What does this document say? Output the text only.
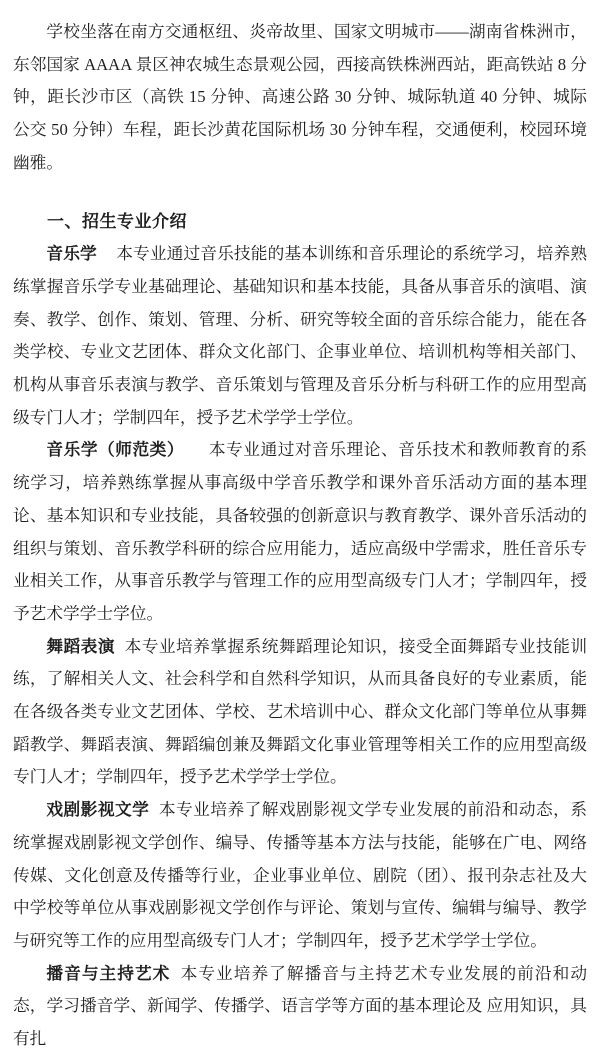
学校坐落在南方交通枢纽、炎帝故里、国家文明城市——湖南省株洲市，东邻国家 AAAA 景区神农城生态景观公园，西接高铁株洲西站，距高铁站 8 分钟，距长沙市区（高铁 15 分钟、高速公路 30 分钟、城际轨道 40 分钟、城际公交 50 分钟）车程，距长沙黄花国际机场 30 分钟车程，交通便利，校园环境幽雅。

一、招生专业介绍

音乐学 本专业通过音乐技能的基本训练和音乐理论的系统学习，培养熟练掌握音乐学专业基础理论、基础知识和基本技能，具备从事音乐的演唱、演奏、教学、创作、策划、管理、分析、研究等较全面的音乐综合能力，能在各类学校、专业文艺团体、群众文化部门、企事业单位、培训机构等相关部门、机构从事音乐表演与教学、音乐策划与管理及音乐分析与科研工作的应用型高级专门人才；学制四年，授予艺术学学士学位。

音乐学（师范类） 本专业通过对音乐理论、音乐技术和教师教育的系统学习，培养熟练掌握从事高级中学音乐教学和课外音乐活动方面的基本理论、基本知识和专业技能，具备较强的创新意识与教育教学、课外音乐活动的组织与策划、音乐教学科研的综合应用能力，适应高级中学需求，胜任音乐专业相关工作，从事音乐教学与管理工作的应用型高级专门人才；学制四年，授予艺术学学士学位。

舞蹈表演 本专业培养掌握系统舞蹈理论知识，接受全面舞蹈专业技能训练，了解相关人文、社会科学和自然科学知识，从而具备良好的专业素质，能在各级各类专业文艺团体、学校、艺术培训中心、群众文化部门等单位从事舞蹈教学、舞蹈表演、舞蹈编创兼及舞蹈文化事业管理等相关工作的应用型高级专门人才；学制四年，授予艺术学学士学位。

戏剧影视文学 本专业培养了解戏剧影视文学专业发展的前沿和动态，系统掌握戏剧影视文学创作、编导、传播等基本方法与技能，能够在广电、网络传媒、文化创意及传播等行业，企业事业单位、剧院（团）、报刊杂志社及大中学校等单位从事戏剧影视文学创作与评论、策划与宣传、编辑与编导、教学与研究等工作的应用型高级专门人才；学制四年，授予艺术学学士学位。

播音与主持艺术 本专业培养了解播音与主持艺术专业发展的前沿和动态，学习播音学、新闻学、传播学、语言学等方面的基本理论及 应用知识，具有扎
